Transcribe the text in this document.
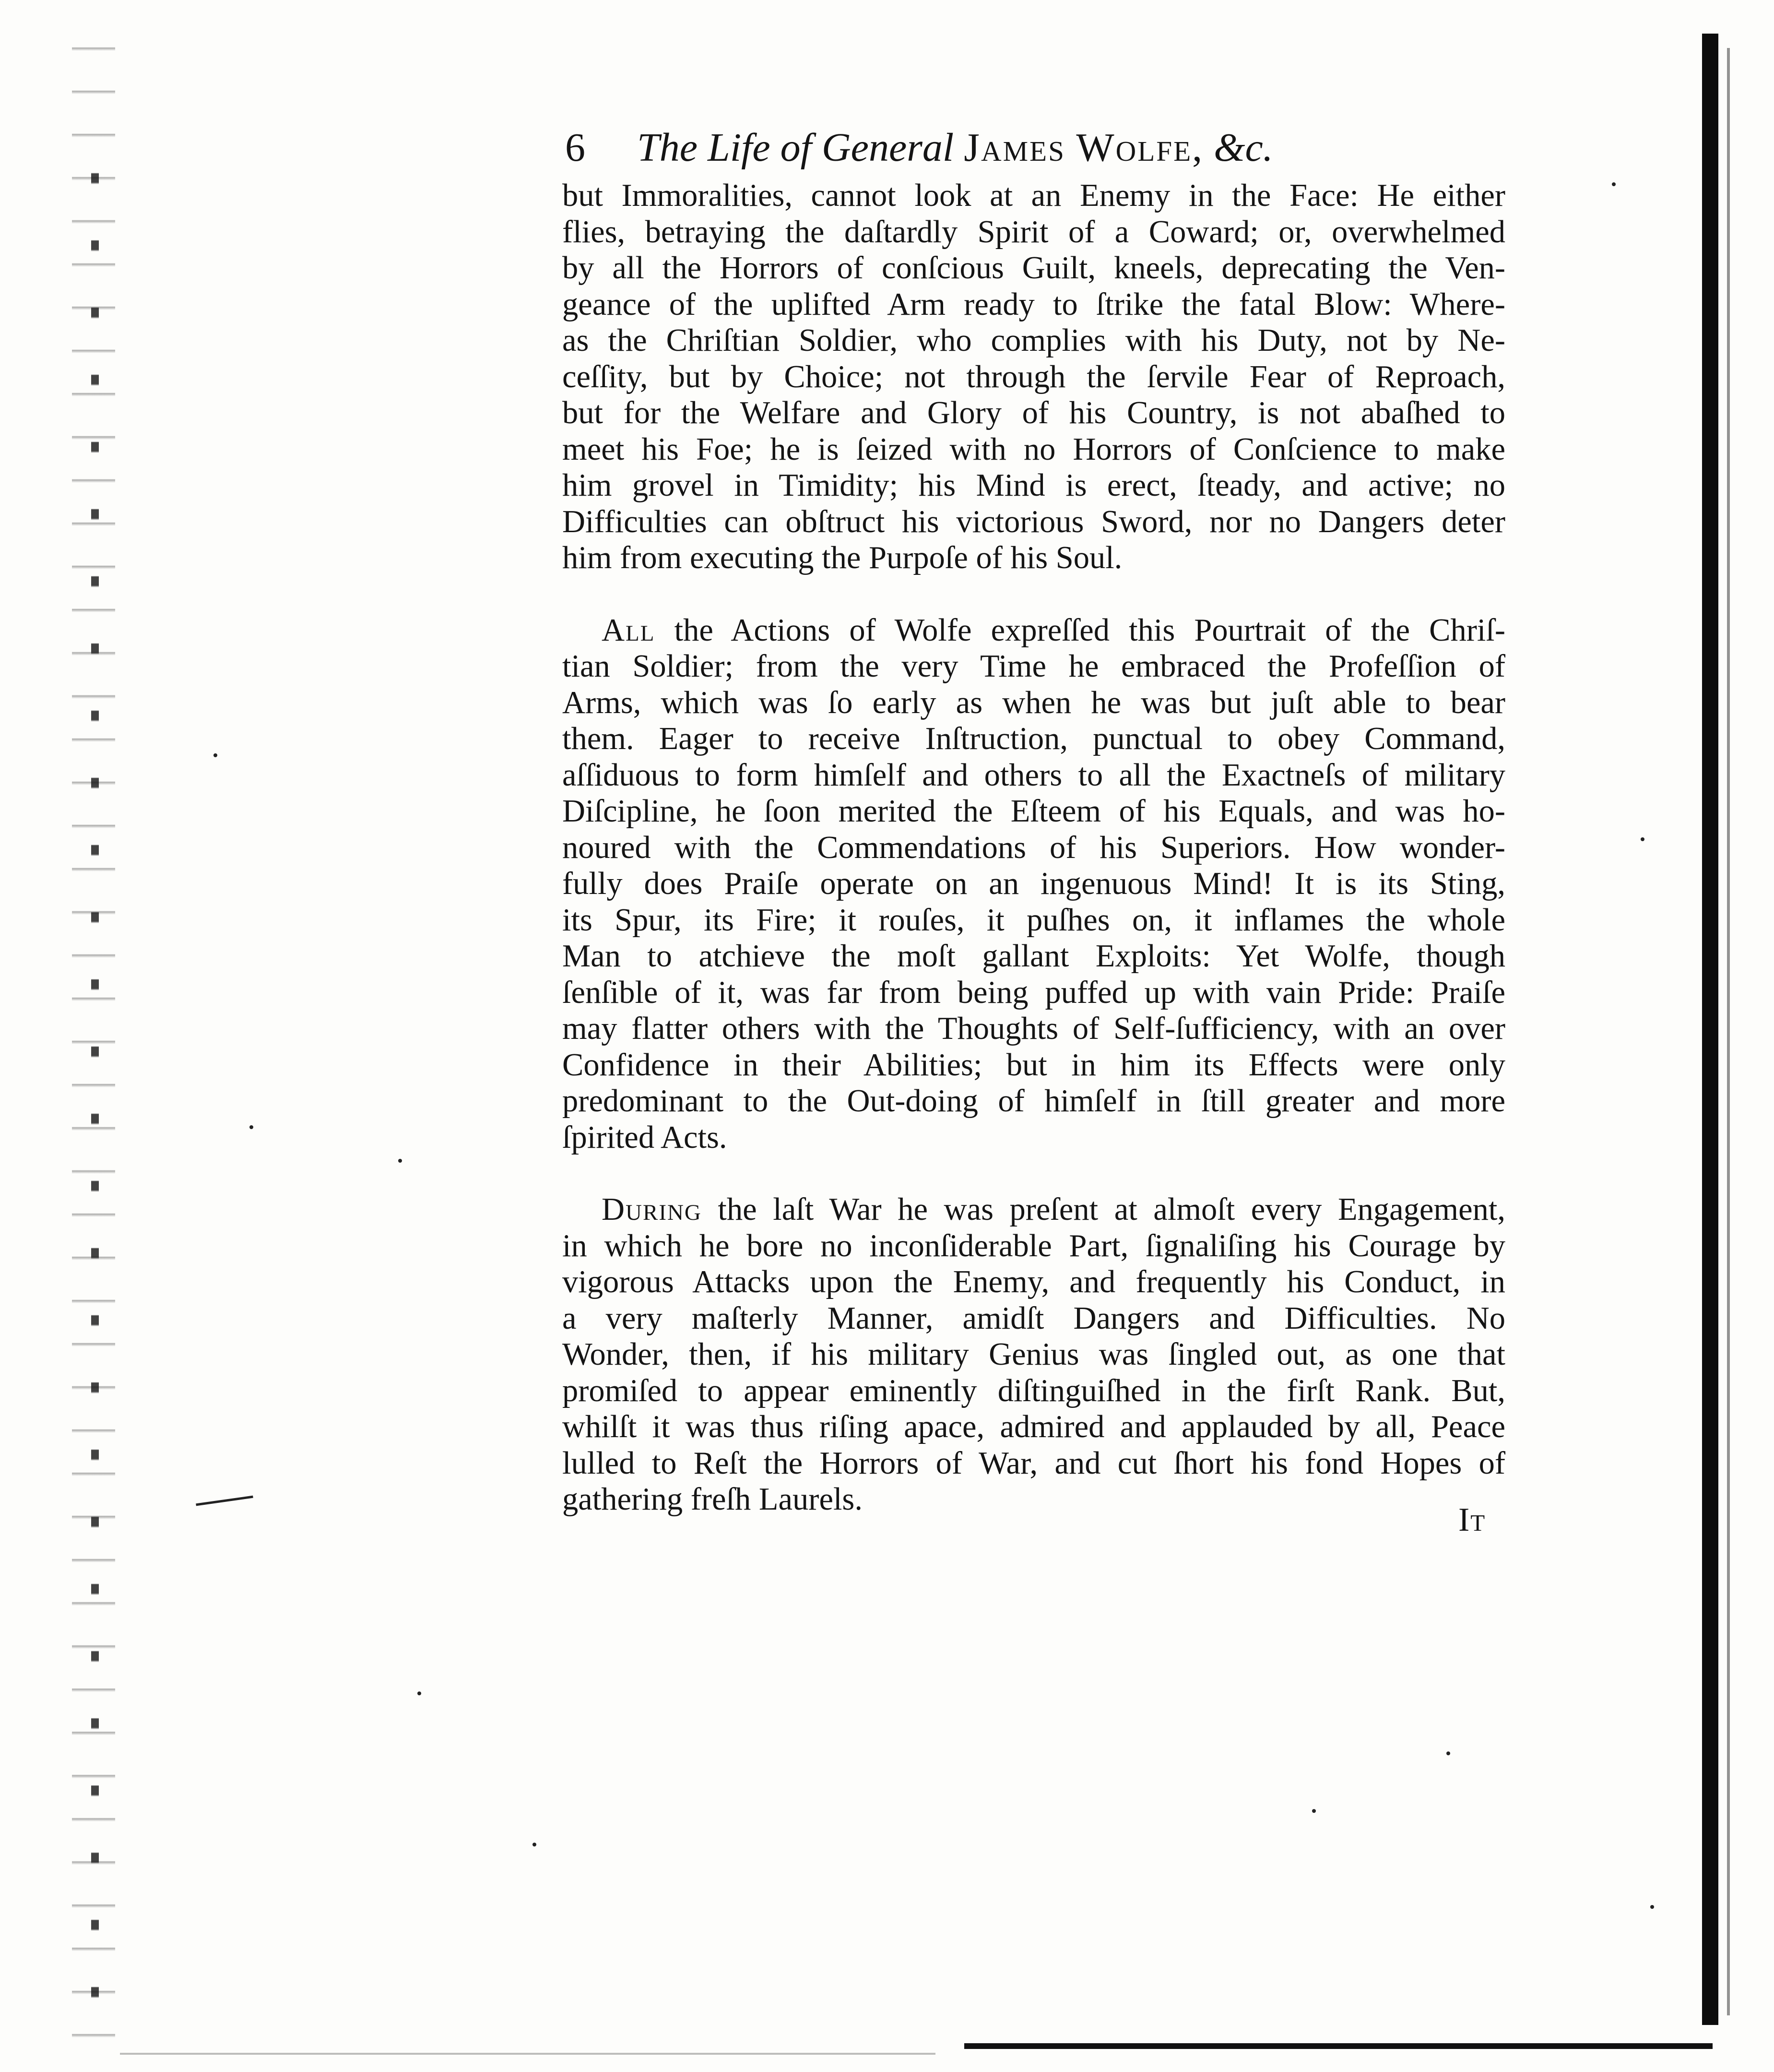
6 The Life of General James Wolfe, &c.
but Immoralities, cannot look at an Enemy in the Face: He either
flies, betraying the daſtardly Spirit of a Coward; or, overwhelmed
by all the Horrors of conſcious Guilt, kneels, deprecating the Ven-
geance of the uplifted Arm ready to ſtrike the fatal Blow: Where-
as the Chriſtian Soldier, who complies with his Duty, not by Ne-
ceſſity, but by Choice; not through the ſervile Fear of Reproach,
but for the Welfare and Glory of his Country, is not abaſhed to
meet his Foe; he is ſeized with no Horrors of Conſcience to make
him grovel in Timidity; his Mind is erect, ſteady, and active; no
Difficulties can obſtruct his victorious Sword, nor no Dangers deter
him from executing the Purpoſe of his Soul.
All the Actions of Wolfe expreſſed this Pourtrait of the Chriſ-
tian Soldier; from the very Time he embraced the Profeſſion of
Arms, which was ſo early as when he was but juſt able to bear
them. Eager to receive Inſtruction, punctual to obey Command,
aſſiduous to form himſelf and others to all the Exactneſs of military
Diſcipline, he ſoon merited the Eſteem of his Equals, and was ho-
noured with the Commendations of his Superiors. How wonder-
fully does Praiſe operate on an ingenuous Mind! It is its Sting,
its Spur, its Fire; it rouſes, it puſhes on, it inflames the whole
Man to atchieve the moſt gallant Exploits: Yet Wolfe, though
ſenſible of it, was far from being puffed up with vain Pride: Praiſe
may flatter others with the Thoughts of Self-ſufficiency, with an over
Confidence in their Abilities; but in him its Effects were only
predominant to the Out-doing of himſelf in ſtill greater and more
ſpirited Acts.
During the laſt War he was preſent at almoſt every Engagement,
in which he bore no inconſiderable Part, ſignaliſing his Courage by
vigorous Attacks upon the Enemy, and frequently his Conduct, in
a very maſterly Manner, amidſt Dangers and Difficulties. No
Wonder, then, if his military Genius was ſingled out, as one that
promiſed to appear eminently diſtinguiſhed in the firſt Rank. But,
whilſt it was thus riſing apace, admired and applauded by all, Peace
lulled to Reſt the Horrors of War, and cut ſhort his fond Hopes of
gathering freſh Laurels.
It
